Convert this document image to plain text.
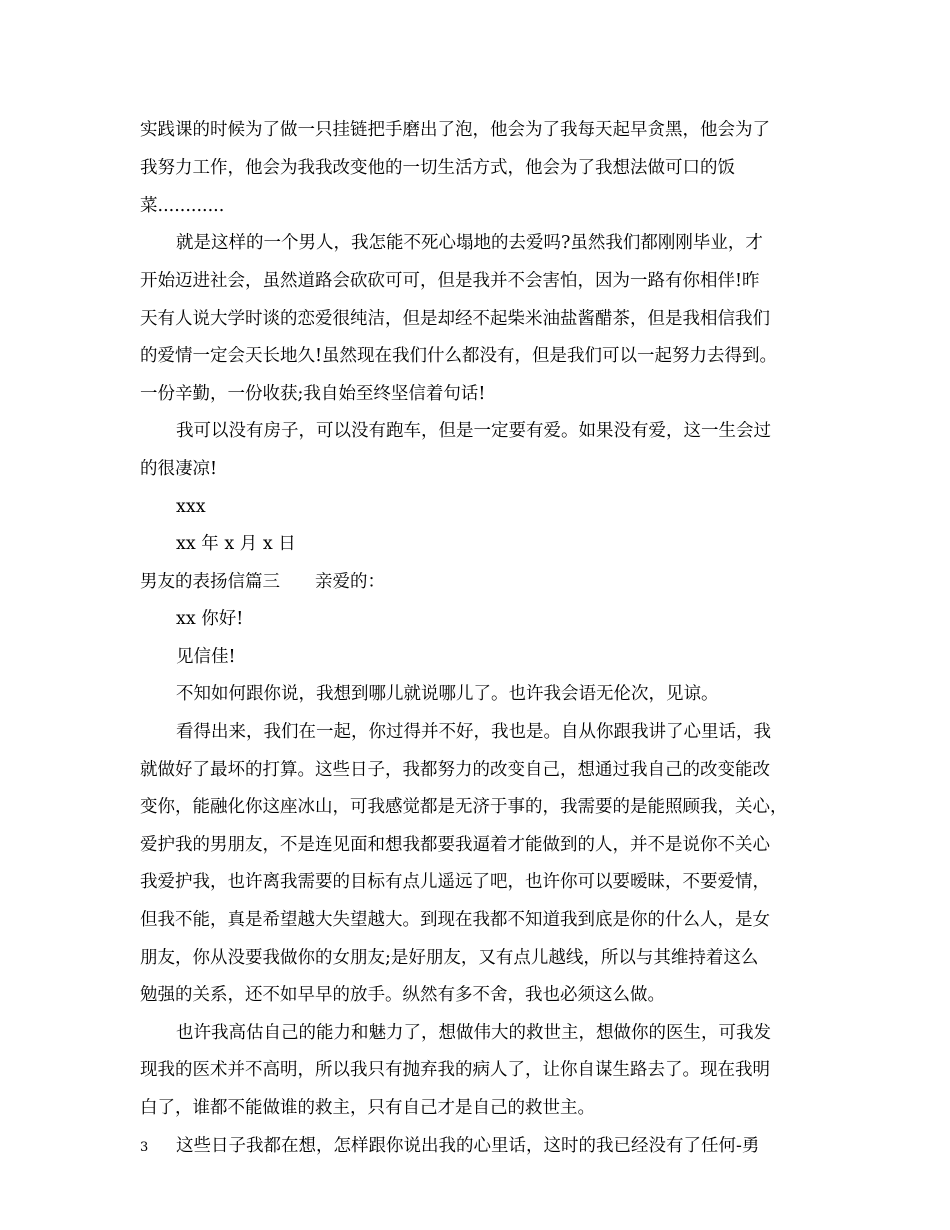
实践课的时候为了做一只挂链把手磨出了泡，他会为了我每天起早贪黑，他会为了
我努力工作，他会为我我改变他的一切生活方式，他会为了我想法做可口的饭
菜............
就是这样的一个男人，我怎能不死心塌地的去爱吗?虽然我们都刚刚毕业，才
开始迈进社会，虽然道路会砍砍可可，但是我并不会害怕，因为一路有你相伴!昨
天有人说大学时谈的恋爱很纯洁，但是却经不起柴米油盐酱醋茶，但是我相信我们
的爱情一定会天长地久!虽然现在我们什么都没有，但是我们可以一起努力去得到。
一份辛勤，一份收获;我自始至终坚信着句话!
我可以没有房子，可以没有跑车，但是一定要有爱。如果没有爱，这一生会过
的很凄凉!
xxx
xx 年 x 月 x 日
男友的表扬信篇三　　亲爱的：
xx 你好!
见信佳!
不知如何跟你说，我想到哪儿就说哪儿了。也许我会语无伦次，见谅。
看得出来，我们在一起，你过得并不好，我也是。自从你跟我讲了心里话，我
就做好了最坏的打算。这些日子，我都努力的改变自己，想通过我自己的改变能改
变你，能融化你这座冰山，可我感觉都是无济于事的，我需要的是能照顾我，关心，
爱护我的男朋友，不是连见面和想我都要我逼着才能做到的人，并不是说你不关心
我爱护我，也许离我需要的目标有点儿遥远了吧，也许你可以要暧昧，不要爱情，
但我不能，真是希望越大失望越大。到现在我都不知道我到底是你的什么人，是女
朋友，你从没要我做你的女朋友;是好朋友，又有点儿越线，所以与其维持着这么
勉强的关系，还不如早早的放手。纵然有多不舍，我也必须这么做。
也许我高估自己的能力和魅力了，想做伟大的救世主，想做你的医生，可我发
现我的医术并不高明，所以我只有抛弃我的病人了，让你自谋生路去了。现在我明
白了，谁都不能做谁的救主，只有自己才是自己的救世主。
这些日子我都在想，怎样跟你说出我的心里话，这时的我已经没有了任何-勇
3
